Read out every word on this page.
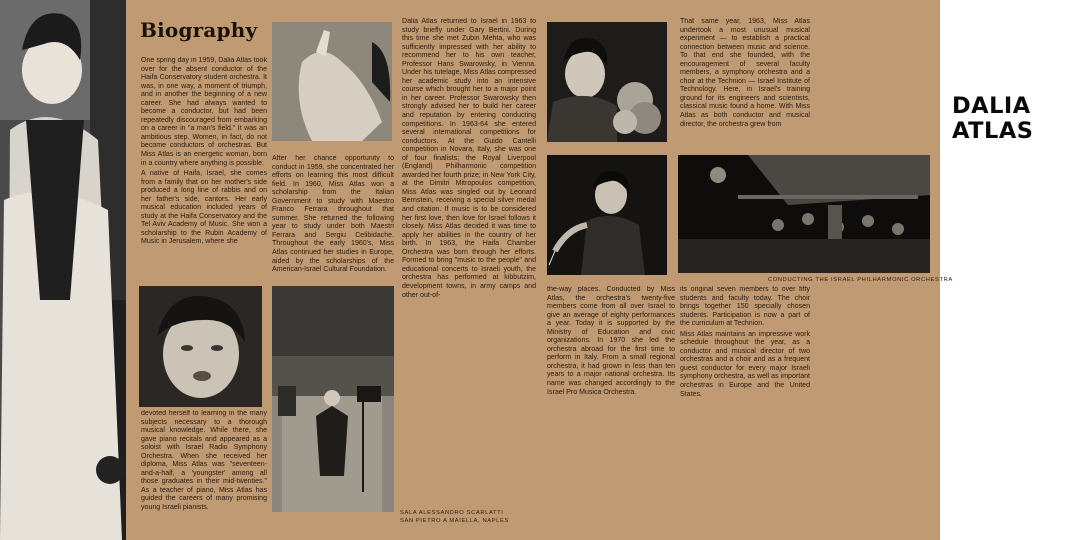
Biography

One spring day in 1959, Dalia Atlas took over for the absent conductor of the Haifa Conservatory student orchestra. It was, in one way, a moment of triumph, and in another the beginning of a new career. She had always wanted to become a conductor, but had been repeatedly discouraged from embarking on a career in "a man's field." It was an ambitious step. Women, in fact, do not become conductors of orchestras. But Miss Atlas is an energetic woman, born in a country where anything is possible.

A native of Haifa, Israel, she comes from a family that on her mother's side produced a long line of rabbis and on her father's side, cantors. Her early musical education included years of study at the Haifa Conservatory and the Tel Aviv Academy of Music. She won a scholarship to the Rubin Academy of Music in Jerusalem, where she

After her chance opportunity to conduct in 1959, she concentrated her efforts on learning this most difficult field. In 1960, Miss Atlas won a scholarship from the Italian Government to study with Maestro Franco Ferrara throughout that summer. She returned the following year to study under both Maestri Ferrara and Sergiu Celibidache. Throughout the early 1960's, Miss Atlas continued her studies in Europe, aided by the scholarships of the American-Israel Cultural Foundation.

devoted herself to learning in the many subjects necessary to a thorough musical knowledge. While there, she gave piano recitals and appeared as a soloist with Israel Radio Symphony Orchestra. When she received her diploma, Miss Atlas was "seventeen-and-a-half, a 'youngster' among all those graduates in their mid-twenties." As a teacher of piano, Miss Atlas has guided the careers of many promising young Israeli pianists.

SALA ALESSANDRO SCARLATTI
SAN PIETRO A MAIELLA, NAPLES

Dalia Atlas returned to Israel in 1963 to study briefly under Gary Bertini. During this time she met Zubin Mehta, who was sufficiently impressed with her ability to recommend her to his own teacher, Professor Hans Swarowsky, in Vienna. Under his tutelage, Miss Atlas compressed her academic study into an intensive course which brought her to a major point in her career. Professor Swarowsky then strongly advised her to build her career and reputation by entering conducting competitions. In 1963-64 she entered several international competitions for conductors. At the Guido Cantelli competition in Novara, Italy, she was one of four finalists; the Royal Liverpool (England) Philharmonic competition awarded her fourth prize; in New York City, at the Dimitri Mitropoulos competition, Miss Atlas was singled out by Leonard Bernstein, receiving a special silver medal and citation. If music is to be considered her first love, then love for Israel follows it closely. Miss Atlas decided it was time to apply her abilities in the country of her birth. In 1963, the Haifa Chamber Orchestra was born through her efforts. Formed to bring "music to the people" and educational concerts to Israeli youth, the orchestra has performed at kibbutzim, development towns, in army camps and other out-of-

the-way places. Conducted by Miss Atlas, the orchestra's twenty-five members come from all over Israel to give an average of eighty performances a year. Today it is supported by the Ministry of Education and civic organizations. In 1970 she led the orchestra abroad for the first time to perform in Italy. From a small regional orchestra, it had grown in less than ten years to a major national orchestra. Its name was changed accordingly to the Israel Pro Musica Orchestra.

That same year, 1963, Miss Atlas undertook a most unusual musical experiment — to establish a practical connection between music and science. To that end she founded, with the encouragement of several faculty members, a symphony orchestra and a choir at the Technion — Israel Institute of Technology. Here, in Israel's training ground for its engineers and scientists, classical music found a home. With Miss Atlas as both conductor and musical director, the orchestra grew from

CONDUCTING THE ISRAEL PHILHARMONIC ORCHESTRA

its original seven members to over fifty students and faculty today. The choir brings together 150 specially chosen students. Participation is now a part of the curriculum at Technion.

Miss Atlas maintains an impressive work schedule throughout the year, as a conductor and musical director of two orchestras and a choir and as a frequent guest conductor for every major Israeli symphony orchestra, as well as important orchestras in Europe and the United States.

DALIA
ATLAS
